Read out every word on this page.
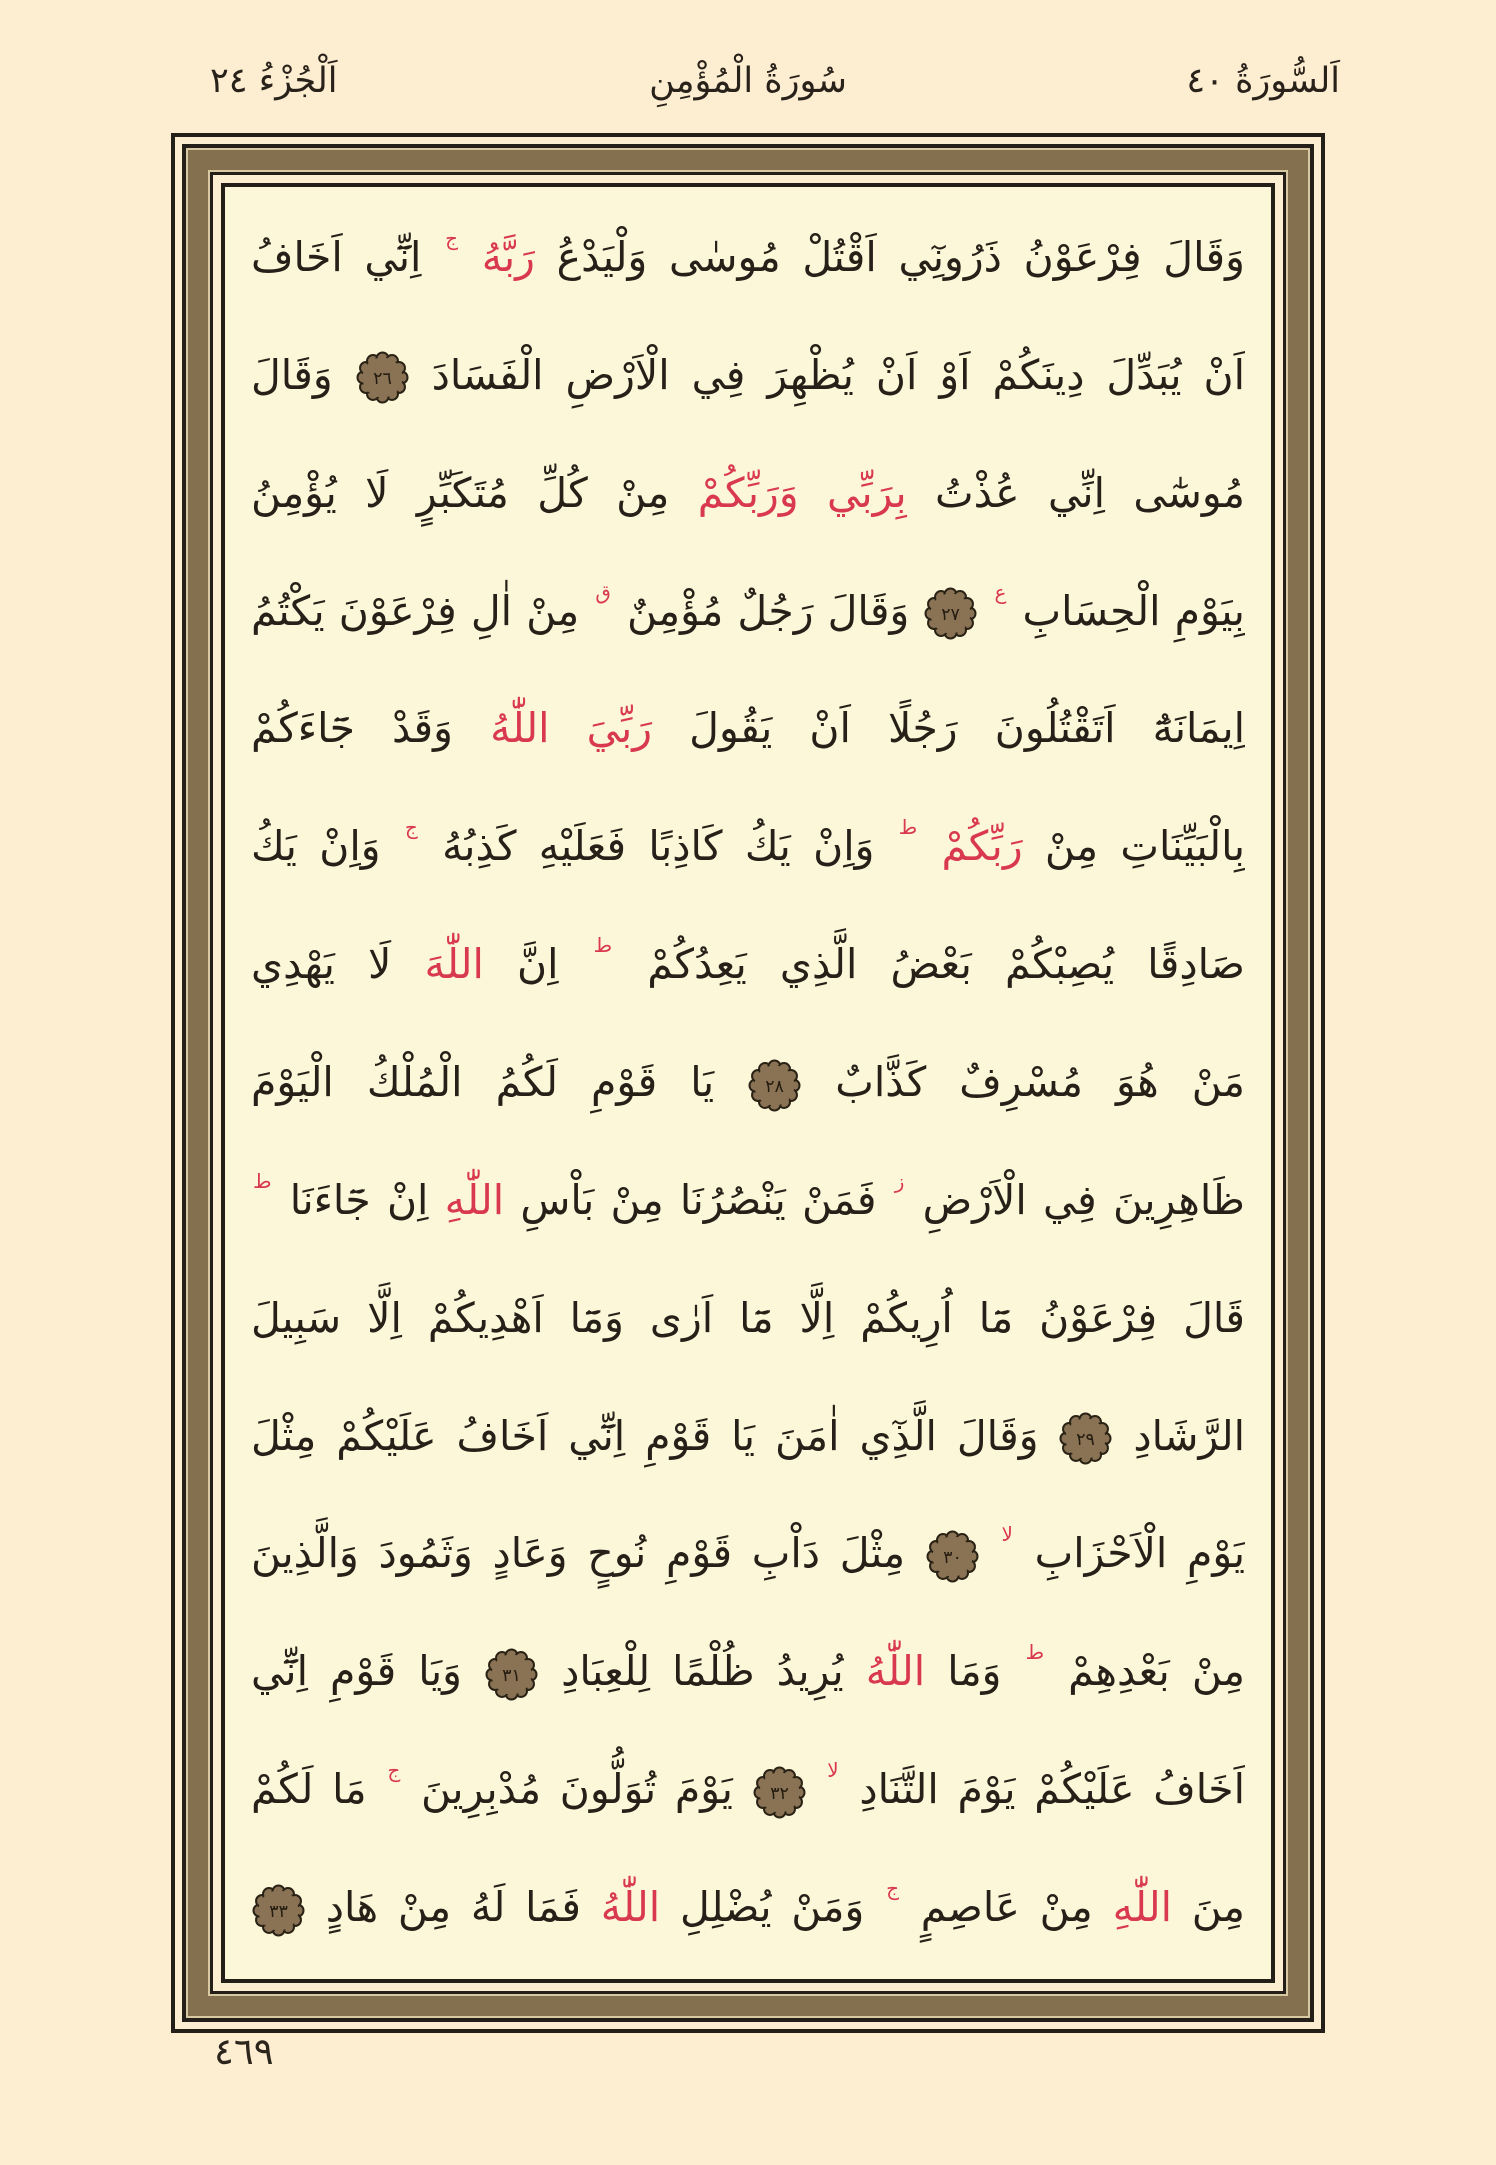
اَلسُّورَةُ ٤٠
سُورَةُ الْمُؤْمِنِ
اَلْجُزْءُ ٢٤
وَقَالَ فِرْعَوْنُ ذَرُونِٓي اَقْتُلْ مُوسٰى وَلْيَدْعُ رَبَّهُ ج اِنِّٓي اَخَافُ
اَنْ يُبَدِّلَ دِينَكُمْ اَوْ اَنْ يُظْهِرَ فِي الْاَرْضِ الْفَسَادَ
٢٦
وَقَالَ
مُوسٰٓى اِنِّي عُذْتُ بِرَبِّي وَرَبِّكُمْ مِنْ كُلِّ مُتَكَبِّرٍ لَا يُؤْمِنُ
بِيَوْمِ الْحِسَابِ ع
٢٧
وَقَالَ رَجُلٌ مُؤْمِنٌ ق مِنْ اٰلِ فِرْعَوْنَ يَكْتُمُ
اِيمَانَهُٓ اَتَقْتُلُونَ رَجُلًا اَنْ يَقُولَ رَبِّيَ اللّٰهُ وَقَدْ جَٓاءَكُمْ
بِالْبَيِّنَاتِ مِنْ رَبِّكُمْ ط وَاِنْ يَكُ كَاذِبًا فَعَلَيْهِ كَذِبُهُ ج وَاِنْ يَكُ
صَادِقًا يُصِبْكُمْ بَعْضُ الَّذِي يَعِدُكُمْ ط اِنَّ اللّٰهَ لَا يَهْدِي
مَنْ هُوَ مُسْرِفٌ كَذَّابٌ
٢٨
يَا قَوْمِ لَكُمُ الْمُلْكُ الْيَوْمَ
ظَاهِرِينَ فِي الْاَرْضِ ز فَمَنْ يَنْصُرُنَا مِنْ بَاْسِ اللّٰهِ اِنْ جَٓاءَنَا ط
قَالَ فِرْعَوْنُ مَٓا اُرِيكُمْ اِلَّا مَٓا اَرٰى وَمَٓا اَهْدِيكُمْ اِلَّا سَبِيلَ
الرَّشَادِ
٢٩
وَقَالَ الَّذِٓي اٰمَنَ يَا قَوْمِ اِنِّٓي اَخَافُ عَلَيْكُمْ مِثْلَ
يَوْمِ الْاَحْزَابِ لا
٣٠
مِثْلَ دَاْبِ قَوْمِ نُوحٍ وَعَادٍ وَثَمُودَ وَالَّذِينَ
مِنْ بَعْدِهِمْ ط وَمَا اللّٰهُ يُرِيدُ ظُلْمًا لِلْعِبَادِ
٣١
وَيَا قَوْمِ اِنِّٓي
اَخَافُ عَلَيْكُمْ يَوْمَ التَّنَادِ لا
٣٢
يَوْمَ تُوَلُّونَ مُدْبِرِينَ ج مَا لَكُمْ
مِنَ اللّٰهِ مِنْ عَاصِمٍ ج وَمَنْ يُضْلِلِ اللّٰهُ فَمَا لَهُ مِنْ هَادٍ
٣٣
٤٦٩
